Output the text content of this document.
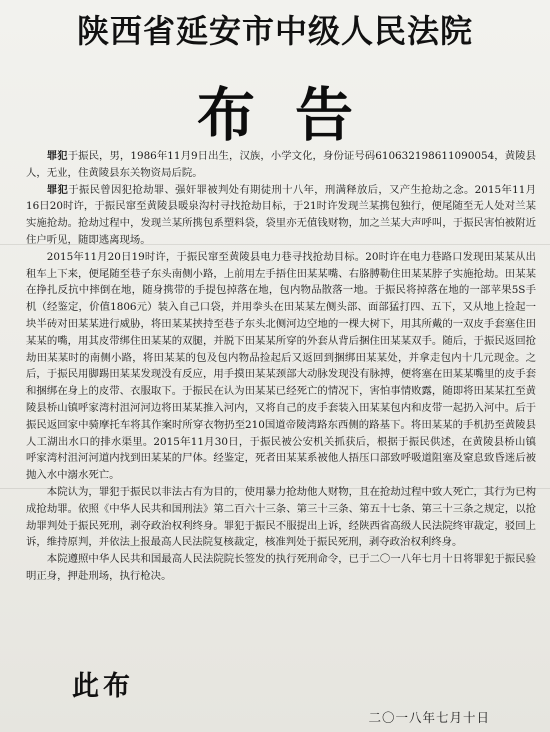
陕西省延安市中级人民法院
布告

罪犯于振民，男，1986年11月9日出生，汉族，小学文化，身份证号码610632198611090054，黄陵县人，无业，住黄陵县东关物资局后院。

罪犯于振民曾因犯抢劫罪、强奸罪被判处有期徒刑十八年，刑满释放后，又产生抢劫之念。2015年11月16日20时许，于振民窜至黄陵县暖泉沟村寻找抢劫目标，于21时许发现兰某携包独行，便尾随至无人处对兰某实施抢劫。抢劫过程中，发现兰某所携包系塑料袋，袋里亦无值钱财物，加之兰某大声呼叫，于振民害怕被附近住户听见，随即逃离现场。

2015年11月20日19时许，于振民窜至黄陵县电力巷寻找抢劫目标。20时许在电力巷路口发现田某某从出租车上下来，便尾随至巷子东头南侧小路，上前用左手捂住田某某嘴、右胳膊勒住田某某脖子实施抢劫。田某某在挣扎反抗中摔倒在地，随身携带的手提包掉落在地，包内物品散落一地。于振民将掉落在地的一部苹果5S手机（经鉴定，价值1806元）装入自己口袋，并用拳头在田某某左侧头部、面部猛打四、五下，又从地上捡起一块半砖对田某某进行威胁，将田某某挟持至巷子东头北侧河边空地的一棵大树下，用其所戴的一双皮手套塞住田某某的嘴，用其皮带绑住田某某的双腿，并脱下田某某所穿的外套从背后捆住田某某双手。随后，于振民返回抢劫田某某时的南侧小路，将田某某的包及包内物品捡起后又返回到捆绑田某某处，并拿走包内十几元现金。之后，于振民用脚踢田某某发现没有反应，用手摸田某某颈部大动脉发现没有脉搏，便将塞在田某某嘴里的皮手套和捆绑在身上的皮带、衣服取下。于振民在认为田某某已经死亡的情况下，害怕事情败露，随即将田某某扛至黄陵县桥山镇呼家湾村沮河河边将田某某推入河内，又将自己的皮手套装入田某某包内和皮带一起扔入河中。后于振民返回家中骑摩托车将其作案时所穿衣物扔至210国道帝陵湾路东西侧的路基下。将田某某的手机扔至黄陵县人工湖出水口的排水渠里。2015年11月30日，于振民被公安机关抓获后，根据于振民供述，在黄陵县桥山镇呼家湾村沮河河道内找到田某某的尸体。经鉴定，死者田某某系被他人捂压口部致呼吸道阻塞及窒息致昏迷后被抛入水中溺水死亡。

本院认为，罪犯于振民以非法占有为目的，使用暴力抢劫他人财物，且在抢劫过程中致人死亡，其行为已构成抢劫罪。依照《中华人民共和国刑法》第二百六十三条、第三十三条、第五十七条、第三十三条之规定，以抢劫罪判处于振民死刑，剥夺政治权利终身。罪犯于振民不服提出上诉，经陕西省高级人民法院终审裁定，驳回上诉，维持原判，并依法上报最高人民法院复核裁定，核准判处于振民死刑，剥夺政治权利终身。

本院遵照中华人民共和国最高人民法院院长签发的执行死刑命令，已于二〇一八年七月十日将罪犯于振民验明正身，押赴刑场，执行枪决。

此布
二〇一八年七月十日
